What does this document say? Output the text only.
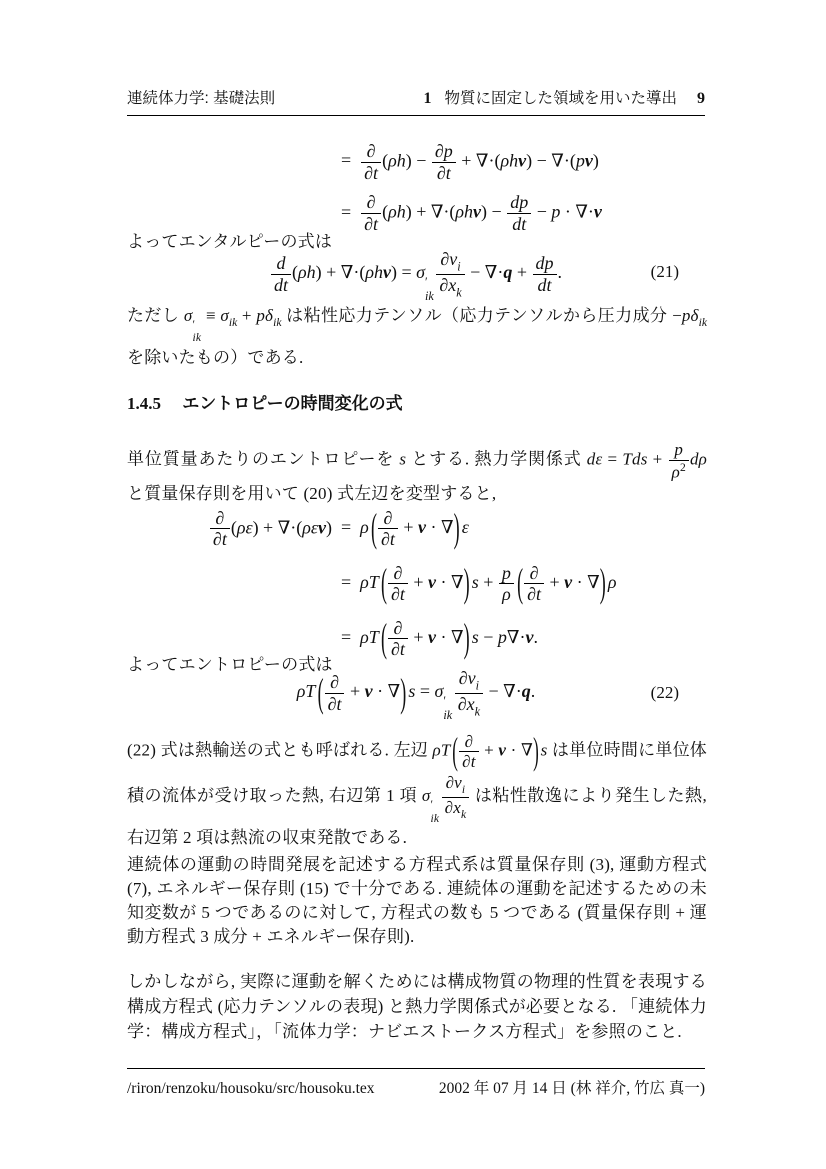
連続体力学: 基礎法則	1 物質に固定した領域を用いた導出 9
= $\frac{\partial}{\partial t} (\rho h) - \frac{\partial p}{\partial t} + \nabla\cdot(\rho hv) - \nabla\cdot(pv)$
= $\frac{\partial}{\partial t} (\rho h) + \nabla\cdot(\rho hv) - \frac{dp}{dt} - p \cdot \nabla\cdot v$
よってエンタルピーの式は
$\frac{d}{dt} (\rho h) + \nabla\cdot(\rho hv) = \sigma$ ′
ik $\frac{\partial v_i}{\partial x_k} - \nabla\cdot q + \frac{dp}{dt}$ .	(21)
ただし σ ′
ik
≡ $\sigma_{ik} + p\delta_{ik}$ は粘性応力テンソル（応力テンソルから圧力成分 $-p\delta_{ik}$ を除いたもの）である.
1.4.5 エントロピーの時間変化の式
単位質量あたりのエントロピーを s とする. 熱力学関係式 dε = Tds + $\frac{p}{\rho^2}$ dρ と質量保存則を用いて (20) 式左辺を変型すると,
$\frac{\partial}{\partial t} (\rho\varepsilon) + \nabla\cdot(\rho\varepsilon v) = \rho$ ( $\frac{\partial}{\partial t} + v$ · ∇ ) ε
= ρT ( $\frac{\partial}{\partial t} + v$ · ∇ ) $s + \frac{p}{\rho}$ ( $\frac{\partial}{\partial t} + v$ · ∇ ) ρ
= ρT ( $\frac{\partial}{\partial t} + v$ · ∇ ) s − p∇·v.
よってエントロピーの式は
ρT ( $\frac{\partial}{\partial t} + v$ · ∇ ) s = σ ′
ik $\frac{\partial v_i}{\partial x_k} - \nabla\cdot q$.	(22)
(22) 式は熱輸送の式とも呼ばれる. 左辺 ρT ( $\frac{\partial}{\partial t} + v$ · ∇ ) s は単位時間に単位体積の流体が受け取った熱, 右辺第 1 項 σ ′
ik $\frac{\partial v_i}{\partial x_k}$ は粘性散逸により発生した熱, 右辺第 2 項は熱流の収束発散である.
連続体の運動の時間発展を記述する方程式系は質量保存則 (3), 運動方程式 (7), エネルギー保存則 (15) で十分である. 連続体の運動を記述するための未知変数が 5 つであるのに対して, 方程式の数も 5 つである (質量保存則 + 運動方程式 3 成分 + エネルギー保存則).
しかしながら, 実際に運動を解くためには構成物質の物理的性質を表現する構成方程式 (応力テンソルの表現) と熱力学関係式が必要となる. 「連続体力学：構成方程式」，「流体力学：ナビエストークス方程式」を参照のこと.
/riron/renzoku/housoku/src/housoku.tex	2002 年 07 月 14 日 (林 祥介, 竹広 真一)
